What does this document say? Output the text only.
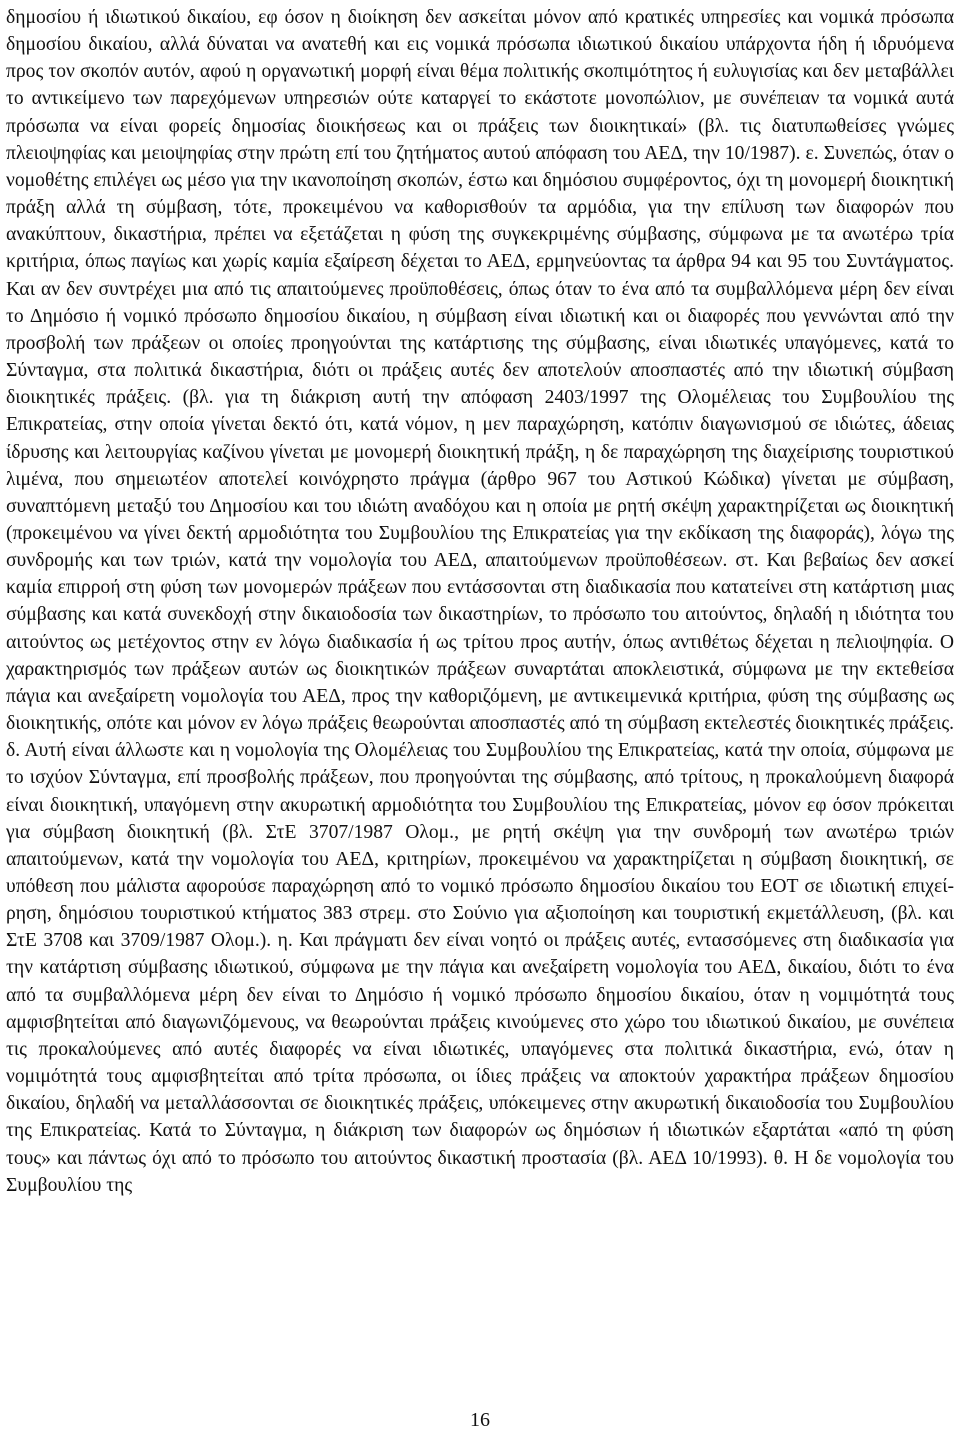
δημοσίου ή ιδιωτικού δικαίου, εφ όσον η διοίκηση δεν ασκείται μόνον από κρατικές υπηρεσίες και νομικά πρόσωπα δημοσίου δικαίου, αλλά δύναται να ανατεθή και εις νομικά πρόσωπα ιδιωτικού δικαίου υπάρχοντα ήδη ή ιδρυόμενα προς τον σκοπόν αυτόν, αφού η οργανωτική μορφή είναι θέμα πολιτικής σκοπιμότητος ή ευλυγισίας και δεν μεταβάλλει το αντικείμενο των παρεχόμενων υπηρεσιών ούτε καταργεί το εκάστοτε μονοπώλιον, με συνέπειαν τα νομικά αυτά πρόσωπα να είναι φορείς δημοσίας διοικήσεως και οι πράξεις των διοικητικαί» (βλ. τις διατυπωθείσες γνώμες πλειοψηφίας και μειοψηφίας στην πρώτη επί του ζητήματος αυτού απόφαση του ΑΕΔ, την 10/1987). ε. Συνεπώς, όταν ο νομοθέτης επιλέγει ως μέσο για την ικανοποίηση σκοπών, έστω και δημόσιου συμφέροντος, όχι τη μονομερή διοικητική πράξη αλλά τη σύμβαση, τότε, προκειμένου να καθορισθούν τα αρμόδια, για την επίλυση των διαφορών που ανακύπτουν, δικαστήρια, πρέπει να εξετάζεται η φύση της συγκεκριμένης σύμβασης, σύμφωνα με τα ανωτέρω τρία κριτήρια, όπως παγίως και χωρίς καμία εξαίρεση δέχεται το ΑΕΔ, ερμηνεύοντας τα άρθρα 94 και 95 του Συντάγματος. Και αν δεν συντρέχει μια από τις απαιτούμενες προϋποθέσεις, όπως όταν το ένα από τα συμβαλλόμενα μέρη δεν είναι το Δημόσιο ή νομικό πρόσωπο δημοσίου δικαίου, η σύμβαση είναι ιδιωτική και οι διαφορές που γεννώνται από την προσβολή των πράξεων οι οποίες προηγούνται της κατάρτισης της σύμβασης, είναι ιδιωτικές υπαγόμενες, κατά το Σύνταγμα, στα πολιτικά δικαστήρια, διότι οι πράξεις αυτές δεν αποτελούν αποσπαστές από την ιδιωτική σύμβαση διοικητικές πράξεις. (βλ. για τη διάκριση αυτή την απόφαση 2403/1997 της Ολομέλειας του Συμβουλίου της Επικρατείας, στην οποία γίνεται δεκτό ότι, κατά νόμον, η μεν παραχώρηση, κατόπιν διαγωνισμού σε ιδιώτες, άδειας ίδρυσης και λειτουργίας καζίνου γίνεται με μονομερή διοικητική πράξη, η δε παραχώρηση της διαχείρισης τουριστικού λιμένα, που σημειωτέον αποτελεί κοινόχρηστο πράγμα (άρθρο 967 του Αστικού Κώδικα) γίνεται με σύμβαση, συναπτόμενη μεταξύ του Δημοσίου και του ιδιώτη αναδόχου και η οποία με ρητή σκέψη χαρακτηρίζεται ως διοικητική (προκειμένου να γίνει δεκτή αρμοδιότητα του Συμβουλίου της Επικρατείας για την εκδίκαση της διαφοράς), λόγω της συνδρομής και των τριών, κατά την νομολογία του ΑΕΔ, απαιτούμενων προϋποθέσεων. στ. Και βεβαίως δεν ασκεί καμία επιρροή στη φύση των μονομερών πράξεων που εντάσσονται στη διαδικασία που κατατείνει στη κατάρτιση μιας σύμβασης και κατά συνεκδοχή στην δικαιοδοσία των δικαστηρίων, το πρόσωπο του αιτούντος, δηλαδή η ιδιότητα του αιτούντος ως μετέχοντος στην εν λόγω διαδικασία ή ως τρίτου προς αυτήν, όπως αντιθέτως δέχεται η πελιοψηφία. Ο χαρακτηρισμός των πράξεων αυτών ως διοικητικών πράξεων συναρτάται αποκλειστικά, σύμφωνα με την εκτεθείσα πάγια και ανεξαίρετη νομολογία του ΑΕΔ, προς την καθοριζόμενη, με αντικειμενικά κριτήρια, φύση της σύμβασης ως διοικητικής, οπότε και μόνον εν λόγω πράξεις θεωρούνται αποσπαστές από τη σύμβαση εκτελεστές διοικητικές πράξεις. δ. Αυτή είναι άλλωστε και η νομολογία της Ολομέλειας του Συμβουλίου της Επικρατείας, κατά την οποία, σύμφωνα με το ισχύον Σύνταγμα, επί προσβολής πράξεων, που προηγούνται της σύμβασης, από τρίτους, η προκαλούμενη διαφορά είναι διοικητική, υπαγόμενη στην ακυρωτική αρμοδιότητα του Συμβουλίου της Επικρατείας, μόνον εφ όσον πρόκειται για σύμβαση διοικητική (βλ. ΣτΕ 3707/1987 Ολομ., με ρητή σκέψη για την συνδρομή των ανωτέρω τριών απαιτούμενων, κατά την νομολογία του ΑΕΔ, κριτηρίων, προκειμένου να χαρακτηρίζεται η σύμβαση διοικητική, σε υπόθεση που μάλιστα αφορούσε παραχώρηση από το νομικό πρόσωπο δημοσίου δικαίου του ΕΟΤ σε ιδιωτική επιχείρηση, δημόσιου τουριστικού κτήματος 383 στρεμ. στο Σούνιο για αξιοποίηση και τουριστική εκμετάλλευση, (βλ. και ΣτΕ 3708 και 3709/1987 Ολομ.). η. Και πράγματι δεν είναι νοητό οι πράξεις αυτές, εντασσόμενες στη διαδικασία για την κατάρτιση σύμβασης ιδιωτικού, σύμφωνα με την πάγια και ανεξαίρετη νομολογία του ΑΕΔ, δικαίου, διότι το ένα από τα συμβαλλόμενα μέρη δεν είναι το Δημόσιο ή νομικό πρόσωπο δημοσίου δικαίου, όταν η νομιμότητά τους αμφισβητείται από διαγωνιζόμενους, να θεωρούνται πράξεις κινούμενες στο χώρο του ιδιωτικού δικαίου, με συνέπεια τις προκαλούμενες από αυτές διαφορές να είναι ιδιωτικές, υπαγόμενες στα πολιτικά δικαστήρια, ενώ, όταν η νομιμότητά τους αμφισβητείται από τρίτα πρόσωπα, οι ίδιες πράξεις να αποκτούν χαρακτήρα πράξεων δημοσίου δικαίου, δηλαδή να μεταλλάσσονται σε διοικητικές πράξεις, υπόκειμενες στην ακυρωτική δικαιοδοσία του Συμβουλίου της Επικρατείας. Κατά το Σύνταγμα, η διάκριση των διαφορών ως δημόσιων ή ιδιωτικών εξαρτάται «από τη φύση τους» και πάντως όχι από το πρόσωπο του αιτούντος δικαστική προστασία (βλ. ΑΕΔ 10/1993). θ. Η δε νομολογία του Συμβουλίου της

16
